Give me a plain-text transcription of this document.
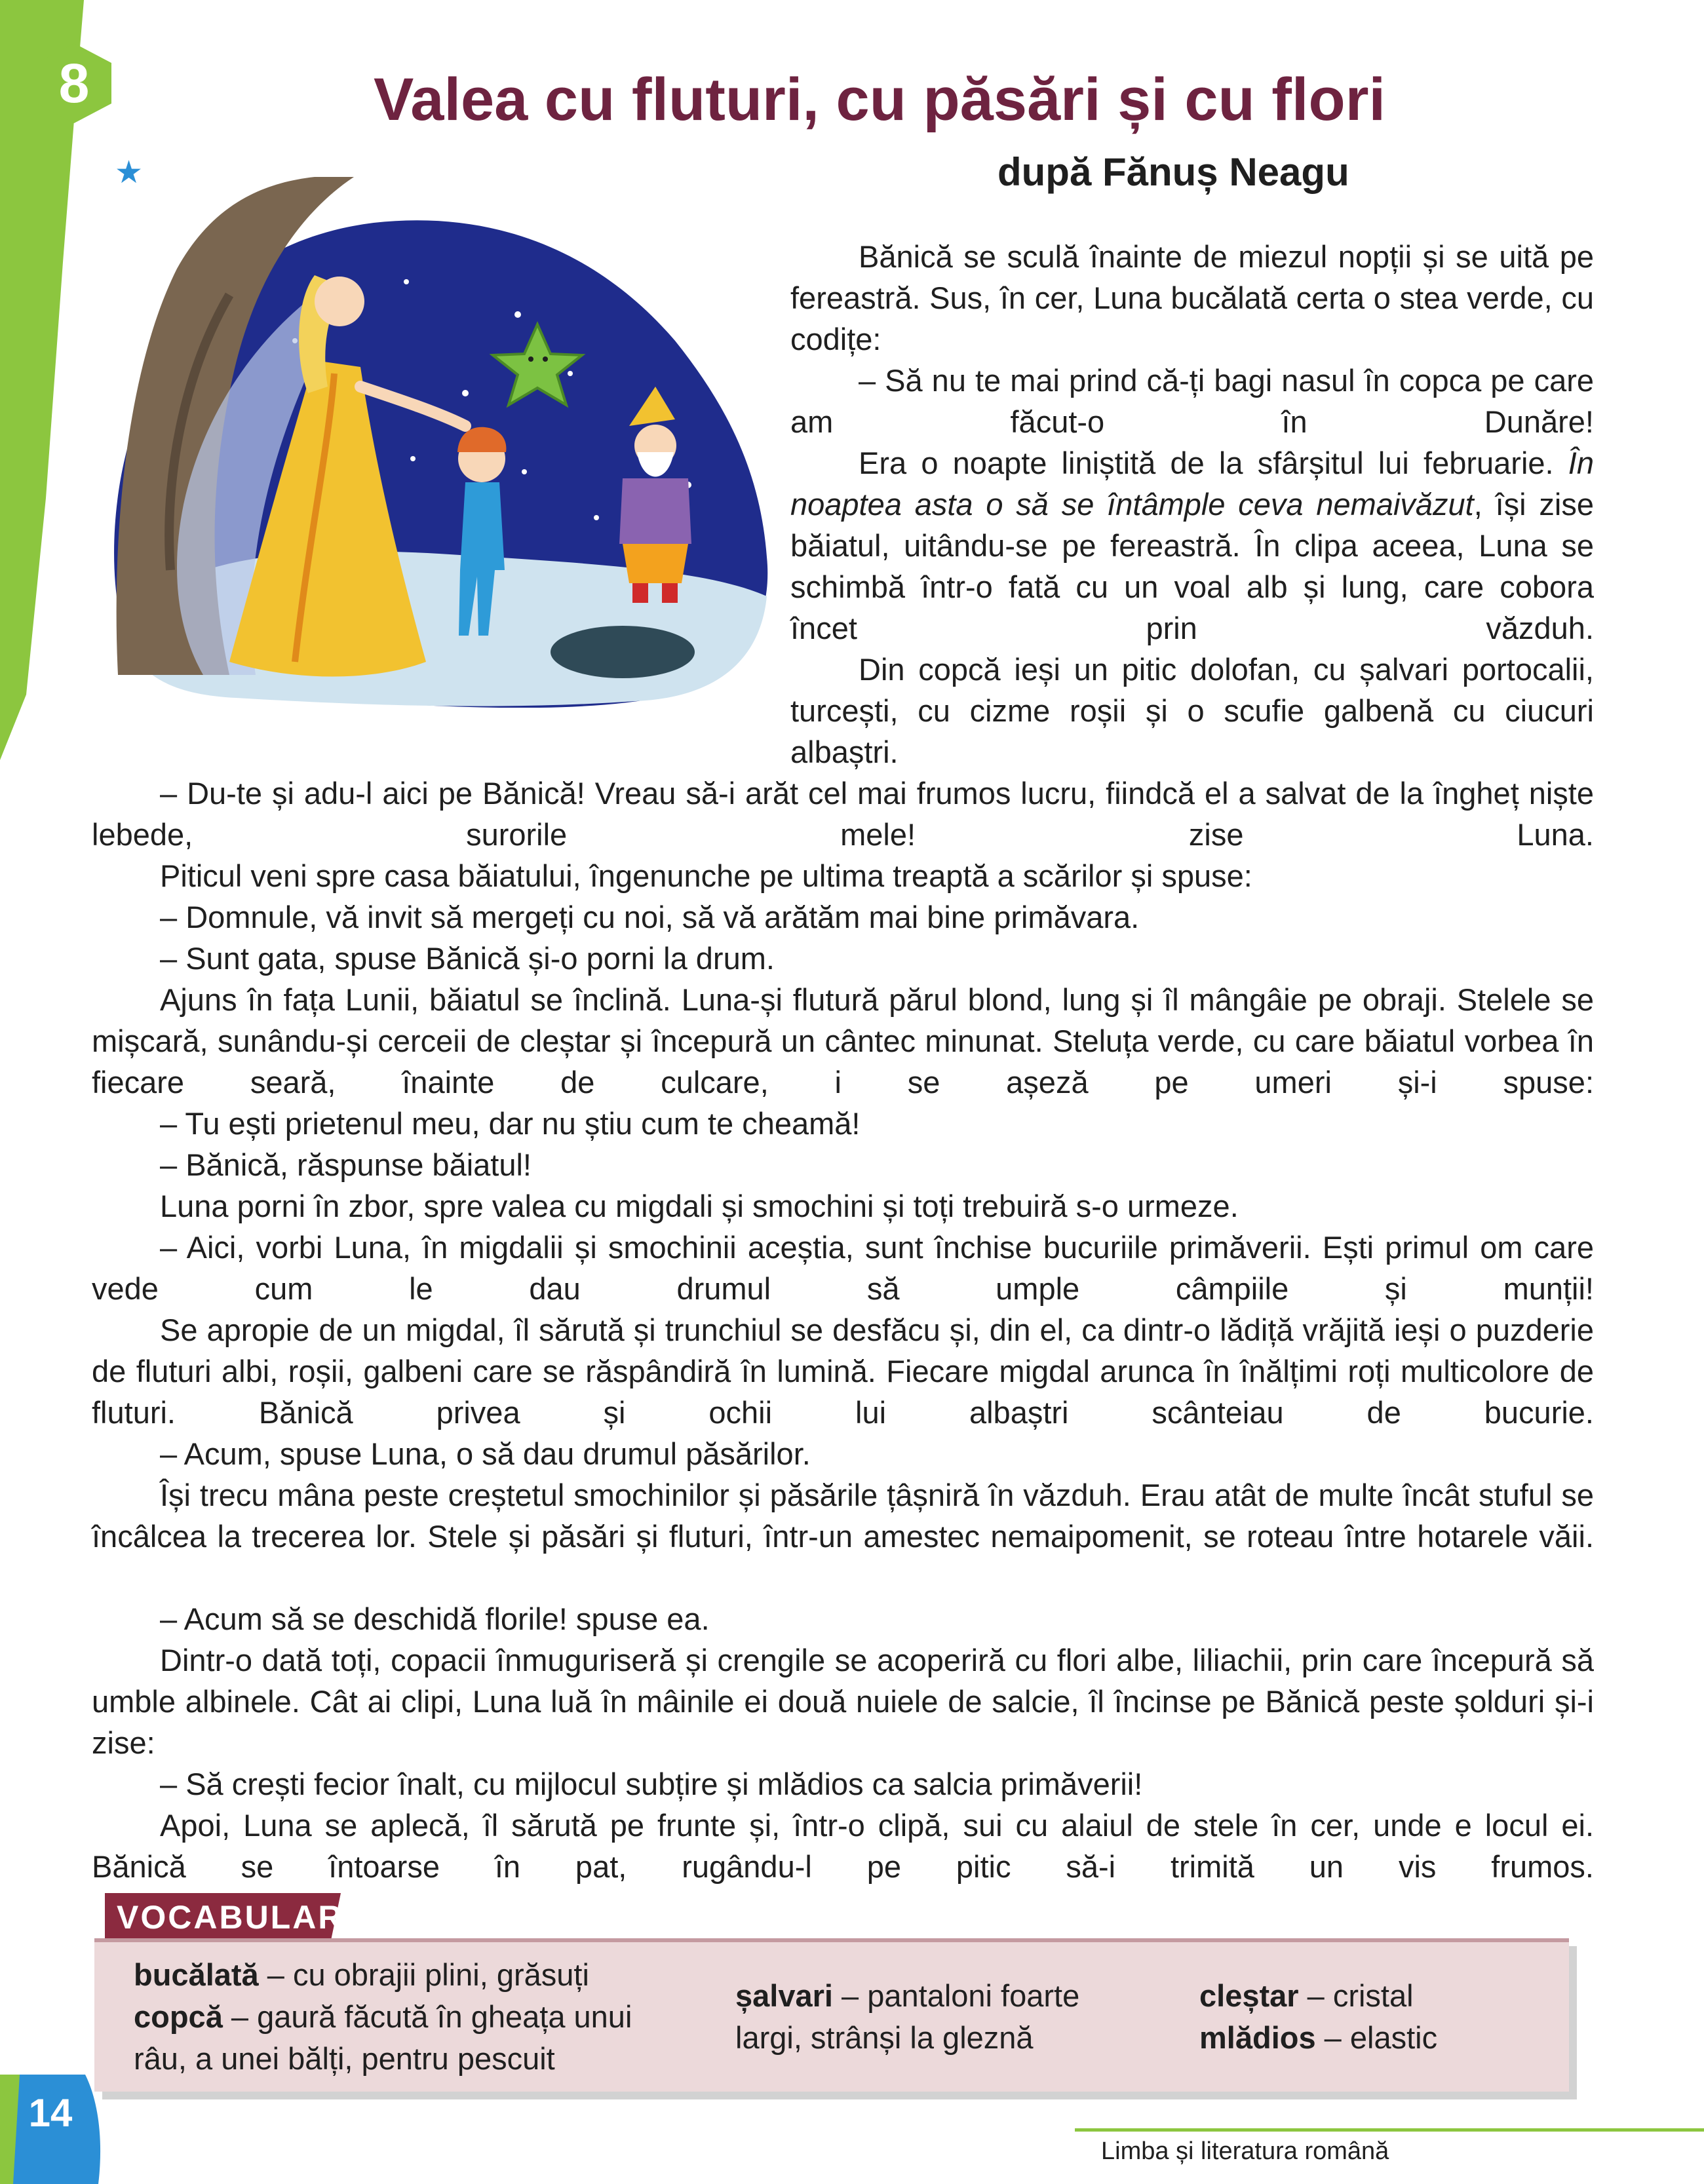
8	Valea cu fluturi, cu păsări și cu flori
după Fănuș Neagu
★

Bănică se sculă înainte de miezul nopții și se uită pe fereastră. Sus, în cer, Luna bucălată certa o stea verde, cu codițe:

– Să nu te mai prind că-ți bagi nasul în copca pe care am făcut-o în Dunăre!

Era o noapte liniștită de la sfârșitul lui februarie. În noaptea asta o să se întâmple ceva nemaivăzut, își zise băiatul, uitându-se pe fereastră. În clipa aceea, Luna se schimbă într-o fată cu un voal alb și lung, care cobora încet prin văzduh.

Din copcă ieși un pitic dolofan, cu șalvari portocalii, turcești, cu cizme roșii și o scufie galbenă cu ciucuri albaștri.

– Du-te și adu-l aici pe Bănică! Vreau să-i arăt cel mai frumos lucru, fiindcă el a salvat de la îngheț niște lebede, surorile mele! zise Luna.

Piticul veni spre casa băiatului, îngenunche pe ultima treaptă a scărilor și spuse:

– Domnule, vă invit să mergeți cu noi, să vă arătăm mai bine primăvara.

– Sunt gata, spuse Bănică și-o porni la drum.

Ajuns în fața Lunii, băiatul se înclină. Luna-și flutură părul blond, lung și îl mângâie pe obraji. Stelele se mișcară, sunându-și cerceii de cleștar și începură un cântec minunat. Steluța verde, cu care băiatul vorbea în fiecare seară, înainte de culcare, i se așeză pe umeri și-i spuse:

– Tu ești prietenul meu, dar nu știu cum te cheamă!

– Bănică, răspunse băiatul!

Luna porni în zbor, spre valea cu migdali și smochini și toți trebuiră s-o urmeze.

– Aici, vorbi Luna, în migdalii și smochinii aceștia, sunt închise bucuriile primăverii. Ești primul om care vede cum le dau drumul să umple câmpiile și munții!

Se apropie de un migdal, îl sărută și trunchiul se desfăcu și, din el, ca dintr-o lădiță vrăjită ieși o puzderie de fluturi albi, roșii, galbeni care se răspândiră în lumină. Fiecare migdal arunca în înălțimi roți multicolore de fluturi. Bănică privea și ochii lui albaștri scânteiau de bucurie.

– Acum, spuse Luna, o să dau drumul păsărilor.

Își trecu mâna peste creștetul smochinilor și păsările țâșniră în văzduh. Erau atât de multe încât stuful se încâlcea la trecerea lor. Stele și păsări și fluturi, într-un amestec nemaipomenit, se roteau între hotarele văii.

– Acum să se deschidă florile! spuse ea.

Dintr-o dată toți, copacii înmuguriseră și crengile se acoperiră cu flori albe, liliachii, prin care începură să umble albinele. Cât ai clipi, Luna luă în mâinile ei două nuiele de salcie, îl încinse pe Bănică peste șolduri și-i zise:

– Să crești fecior înalt, cu mijlocul subțire și mlădios ca salcia primăverii!

Apoi, Luna se aplecă, îl sărută pe frunte și, într-o clipă, sui cu alaiul de stele în cer, unde e locul ei. Bănică se întoarse în pat, rugându-l pe pitic să-i trimită un vis frumos.

VOCABULAR
bucălată – cu obrajii plini, grăsuți
copcă – gaură făcută în gheața unui râu, a unei bălți, pentru pescuit
șalvari – pantaloni foarte largi, strânși la gleznă
cleștar – cristal
mlădios – elastic
14
Limba și literatura română
